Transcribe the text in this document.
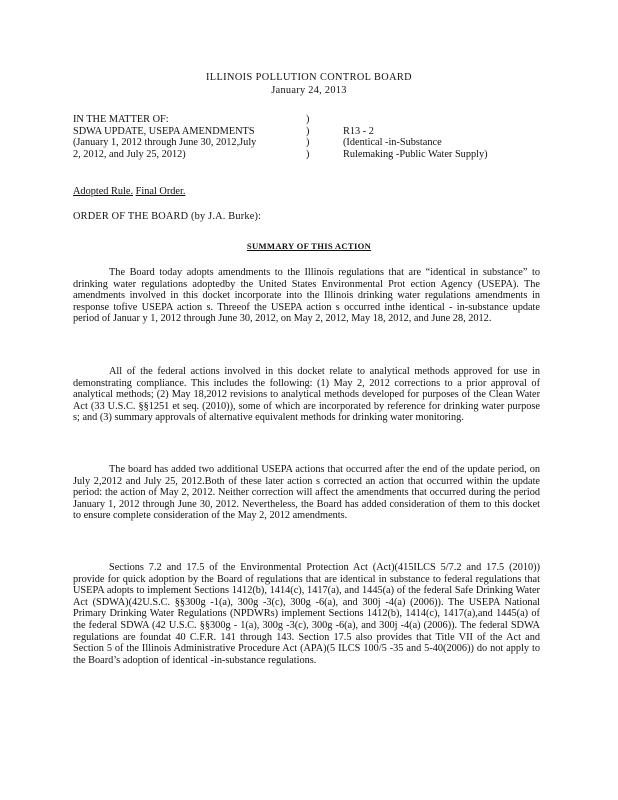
ILLINOIS POLLUTION CONTROL BOARD
January 24, 2013
IN THE MATTER OF:
SDWA UPDATE, USEPA AMENDMENTS
(January 1, 2012 through June 30, 2012,July
2, 2012, and July 25, 2012)
)
)
)
)
R13 - 2
(Identical -in-Substance
Rulemaking -Public Water Supply)
Adopted Rule. Final Order.
ORDER OF THE BOARD (by J.A. Burke):
SUMMARY OF THIS ACTION

The Board today adopts amendments to the Illinois regulations that are “identical in substance” to drinking water regulations adoptedby the United States Environmental Prot ection Agency (USEPA). The amendments involved in this docket incorporate into the Illinois drinking water regulations amendments in response tofive USEPA action s. Threeof the USEPA action s occurred inthe identical - in-substance update period of Januar y 1, 2012 through June 30, 2012, on May 2, 2012, May 18, 2012, and June 28, 2012.

All of the federal actions involved in this docket relate to analytical methods approved for use in demonstrating compliance. This includes the following: (1) May 2, 2012 corrections to a prior approval of analytical methods; (2) May 18,2012 revisions to analytical methods developed for purposes of the Clean Water Act (33 U.S.C. §§1251 et seq. (2010)), some of which are incorporated by reference for drinking water purpose s; and (3) summary approvals of alternative equivalent methods for drinking water monitoring.

The board has added two additional USEPA actions that occurred after the end of the update period, on July 2,2012 and July 25, 2012.Both of these later action s corrected an action that occurred within the update period: the action of May 2, 2012. Neither correction will affect the amendments that occurred during the period January 1, 2012 through June 30, 2012. Nevertheless, the Board has added consideration of them to this docket to ensure complete consideration of the May 2, 2012 amendments.

Sections 7.2 and 17.5 of the Environmental Protection Act (Act)(415ILCS 5/7.2 and 17.5 (2010)) provide for quick adoption by the Board of regulations that are identical in substance to federal regulations that USEPA adopts to implement Sections 1412(b), 1414(c), 1417(a), and 1445(a) of the federal Safe Drinking Water Act (SDWA)(42U.S.C. §§300g -1(a), 300g -3(c), 300g -6(a), and 300j -4(a) (2006)). The USEPA National Primary Drinking Water Regulations (NPDWRs) implement Sections 1412(b), 1414(c), 1417(a),and 1445(a) of the federal SDWA (42 U.S.C. §§300g - 1(a), 300g -3(c), 300g -6(a), and 300j -4(a) (2006)). The federal SDWA regulations are foundat 40 C.F.R. 141 through 143. Section 17.5 also provides that Title VII of the Act and Section 5 of the Illinois Administrative Procedure Act (APA)(5 ILCS 100/5 -35 and 5-40(2006)) do not apply to the Board’s adoption of identical -in-substance regulations.
